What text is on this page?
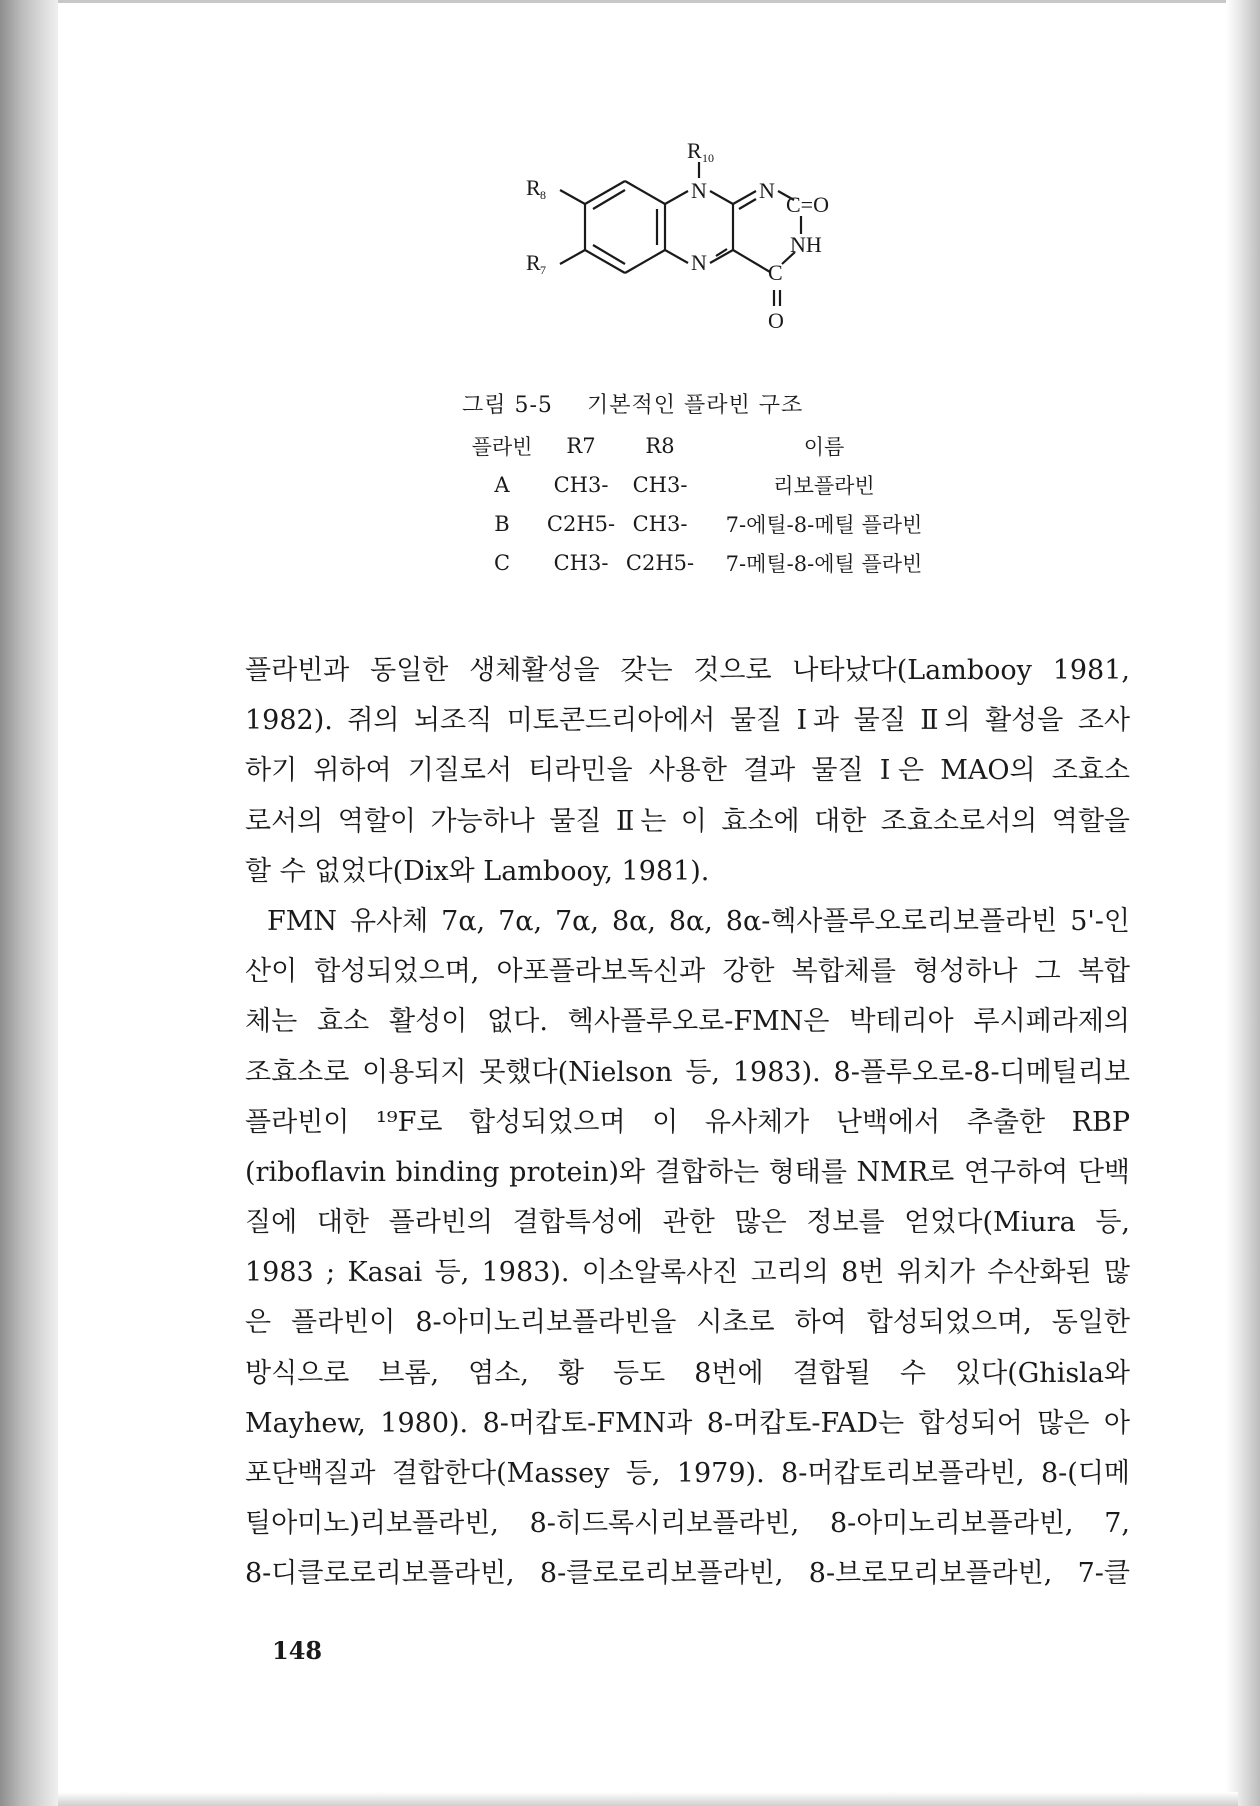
R 10
R 8
R 7
N N
N
C=O
NH
C
O
그림 5-5 기본적인 플라빈 구조
플라빈	R7	R8	이름
A	CH3-	CH3-	리보플라빈
B	C2H5-	CH3-	7-에틸-8-메틸 플라빈
C	CH3-	C2H5-	7-메틸-8-에틸 플라빈
플라빈과 동일한 생체활성을 갖는 것으로 나타났다(Lambooy 1981,
1982). 쥐의 뇌조직 미토콘드리아에서 물질 Ⅰ과 물질 Ⅱ의 활성을 조사
하기 위하여 기질로서 티라민을 사용한 결과 물질 Ⅰ은 MAO의 조효소
로서의 역할이 가능하나 물질 Ⅱ는 이 효소에 대한 조효소로서의 역할을
할 수 없었다(Dix와 Lambooy, 1981).
FMN 유사체 7α, 7α, 7α, 8α, 8α, 8α-헥사플루오로리보플라빈 5'-인
산이 합성되었으며, 아포플라보독신과 강한 복합체를 형성하나 그 복합
체는 효소 활성이 없다. 헥사플루오로-FMN은 박테리아 루시페라제의
조효소로 이용되지 못했다(Nielson 등, 1983). 8-플루오로-8-디메틸리보
플라빈이 ¹⁹F로 합성되었으며 이 유사체가 난백에서 추출한 RBP
(riboflavin binding protein)와 결합하는 형태를 NMR로 연구하여 단백
질에 대한 플라빈의 결합특성에 관한 많은 정보를 얻었다(Miura 등,
1983 ; Kasai 등, 1983). 이소알록사진 고리의 8번 위치가 수산화된 많
은 플라빈이 8-아미노리보플라빈을 시초로 하여 합성되었으며, 동일한
방식으로 브롬, 염소, 황 등도 8번에 결합될 수 있다(Ghisla와
Mayhew, 1980). 8-머캅토-FMN과 8-머캅토-FAD는 합성되어 많은 아
포단백질과 결합한다(Massey 등, 1979). 8-머캅토리보플라빈, 8-(디메
틸아미노)리보플라빈, 8-히드록시리보플라빈, 8-아미노리보플라빈, 7,
8-디클로로리보플라빈, 8-클로로리보플라빈, 8-브로모리보플라빈, 7-클
148
